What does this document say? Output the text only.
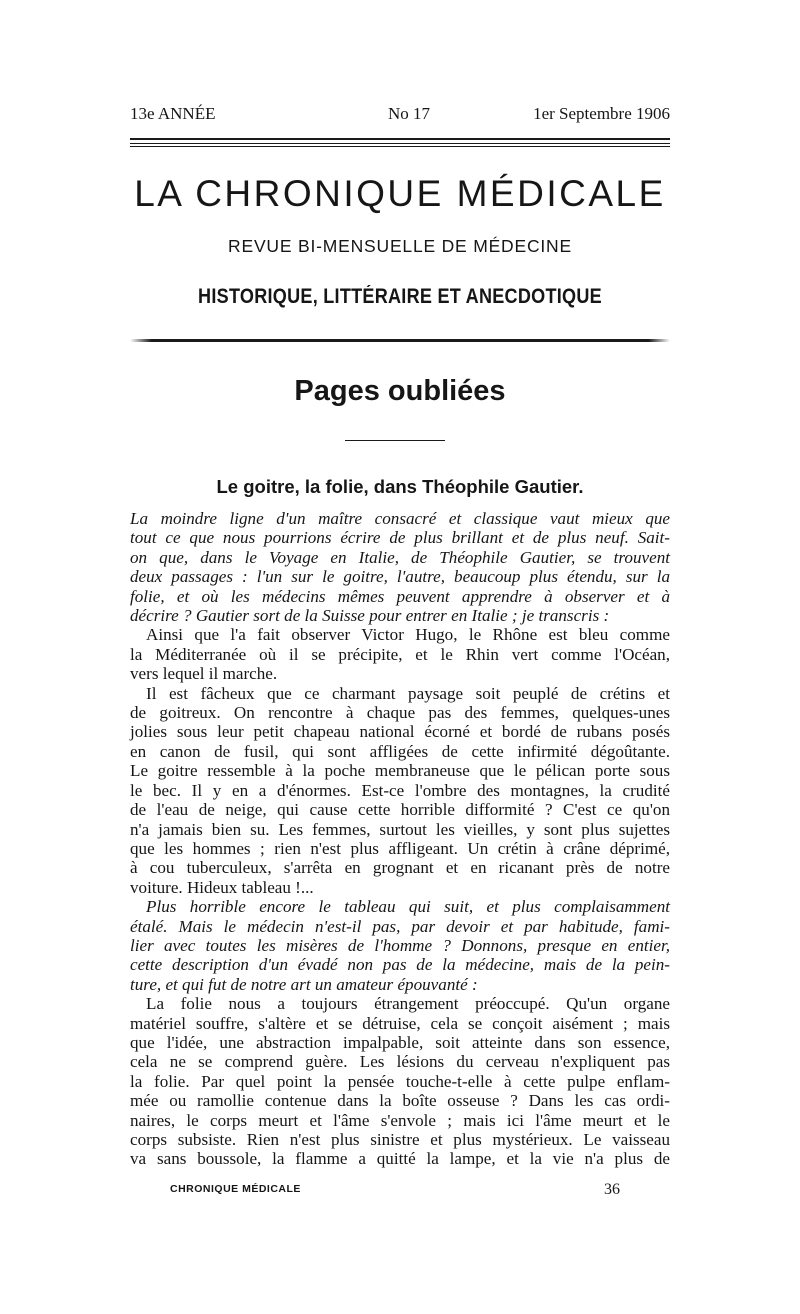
13e ANNÉE	No 17	1er Septembre 1906
LA CHRONIQUE MÉDICALE
REVUE BI-MENSUELLE DE MÉDECINE
HISTORIQUE, LITTÉRAIRE ET ANECDOTIQUE
Pages oubliées
Le goitre, la folie, dans Théophile Gautier.

La moindre ligne d'un maître consacré et classique vaut mieux que
tout ce que nous pourrions écrire de plus brillant et de plus neuf. Sait-
on que, dans le Voyage en Italie, de Théophile Gautier, se trouvent
deux passages : l'un sur le goitre, l'autre, beaucoup plus étendu, sur la
folie, et où les médecins mêmes peuvent apprendre à observer et à
décrire ? Gautier sort de la Suisse pour entrer en Italie ; je transcris :

Ainsi que l'a fait observer Victor Hugo, le Rhône est bleu comme
la Méditerranée où il se précipite, et le Rhin vert comme l'Océan,
vers lequel il marche.

Il est fâcheux que ce charmant paysage soit peuplé de crétins et
de goitreux. On rencontre à chaque pas des femmes, quelques-unes
jolies sous leur petit chapeau national écorné et bordé de rubans posés
en canon de fusil, qui sont affligées de cette infirmité dégoûtante.
Le goitre ressemble à la poche membraneuse que le pélican porte sous
le bec. Il y en a d'énormes. Est-ce l'ombre des montagnes, la crudité
de l'eau de neige, qui cause cette horrible difformité ? C'est ce qu'on
n'a jamais bien su. Les femmes, surtout les vieilles, y sont plus sujettes
que les hommes ; rien n'est plus affligeant. Un crétin à crâne déprimé,
à cou tuberculeux, s'arrêta en grognant et en ricanant près de notre
voiture. Hideux tableau !...

Plus horrible encore le tableau qui suit, et plus complaisamment
étalé. Mais le médecin n'est-il pas, par devoir et par habitude, fami-
lier avec toutes les misères de l'homme ? Donnons, presque en entier,
cette description d'un évadé non pas de la médecine, mais de la pein-
ture, et qui fut de notre art un amateur épouvanté :

La folie nous a toujours étrangement préoccupé. Qu'un organe
matériel souffre, s'altère et se détruise, cela se conçoit aisément ; mais
que l'idée, une abstraction impalpable, soit atteinte dans son essence,
cela ne se comprend guère. Les lésions du cerveau n'expliquent pas
la folie. Par quel point la pensée touche-t-elle à cette pulpe enflam-
mée ou ramollie contenue dans la boîte osseuse ? Dans les cas ordi-
naires, le corps meurt et l'âme s'envole ; mais ici l'âme meurt et le
corps subsiste. Rien n'est plus sinistre et plus mystérieux. Le vaisseau
va sans boussole, la flamme a quitté la lampe, et la vie n'a plus de

CHRONIQUE MÉDICALE	36
